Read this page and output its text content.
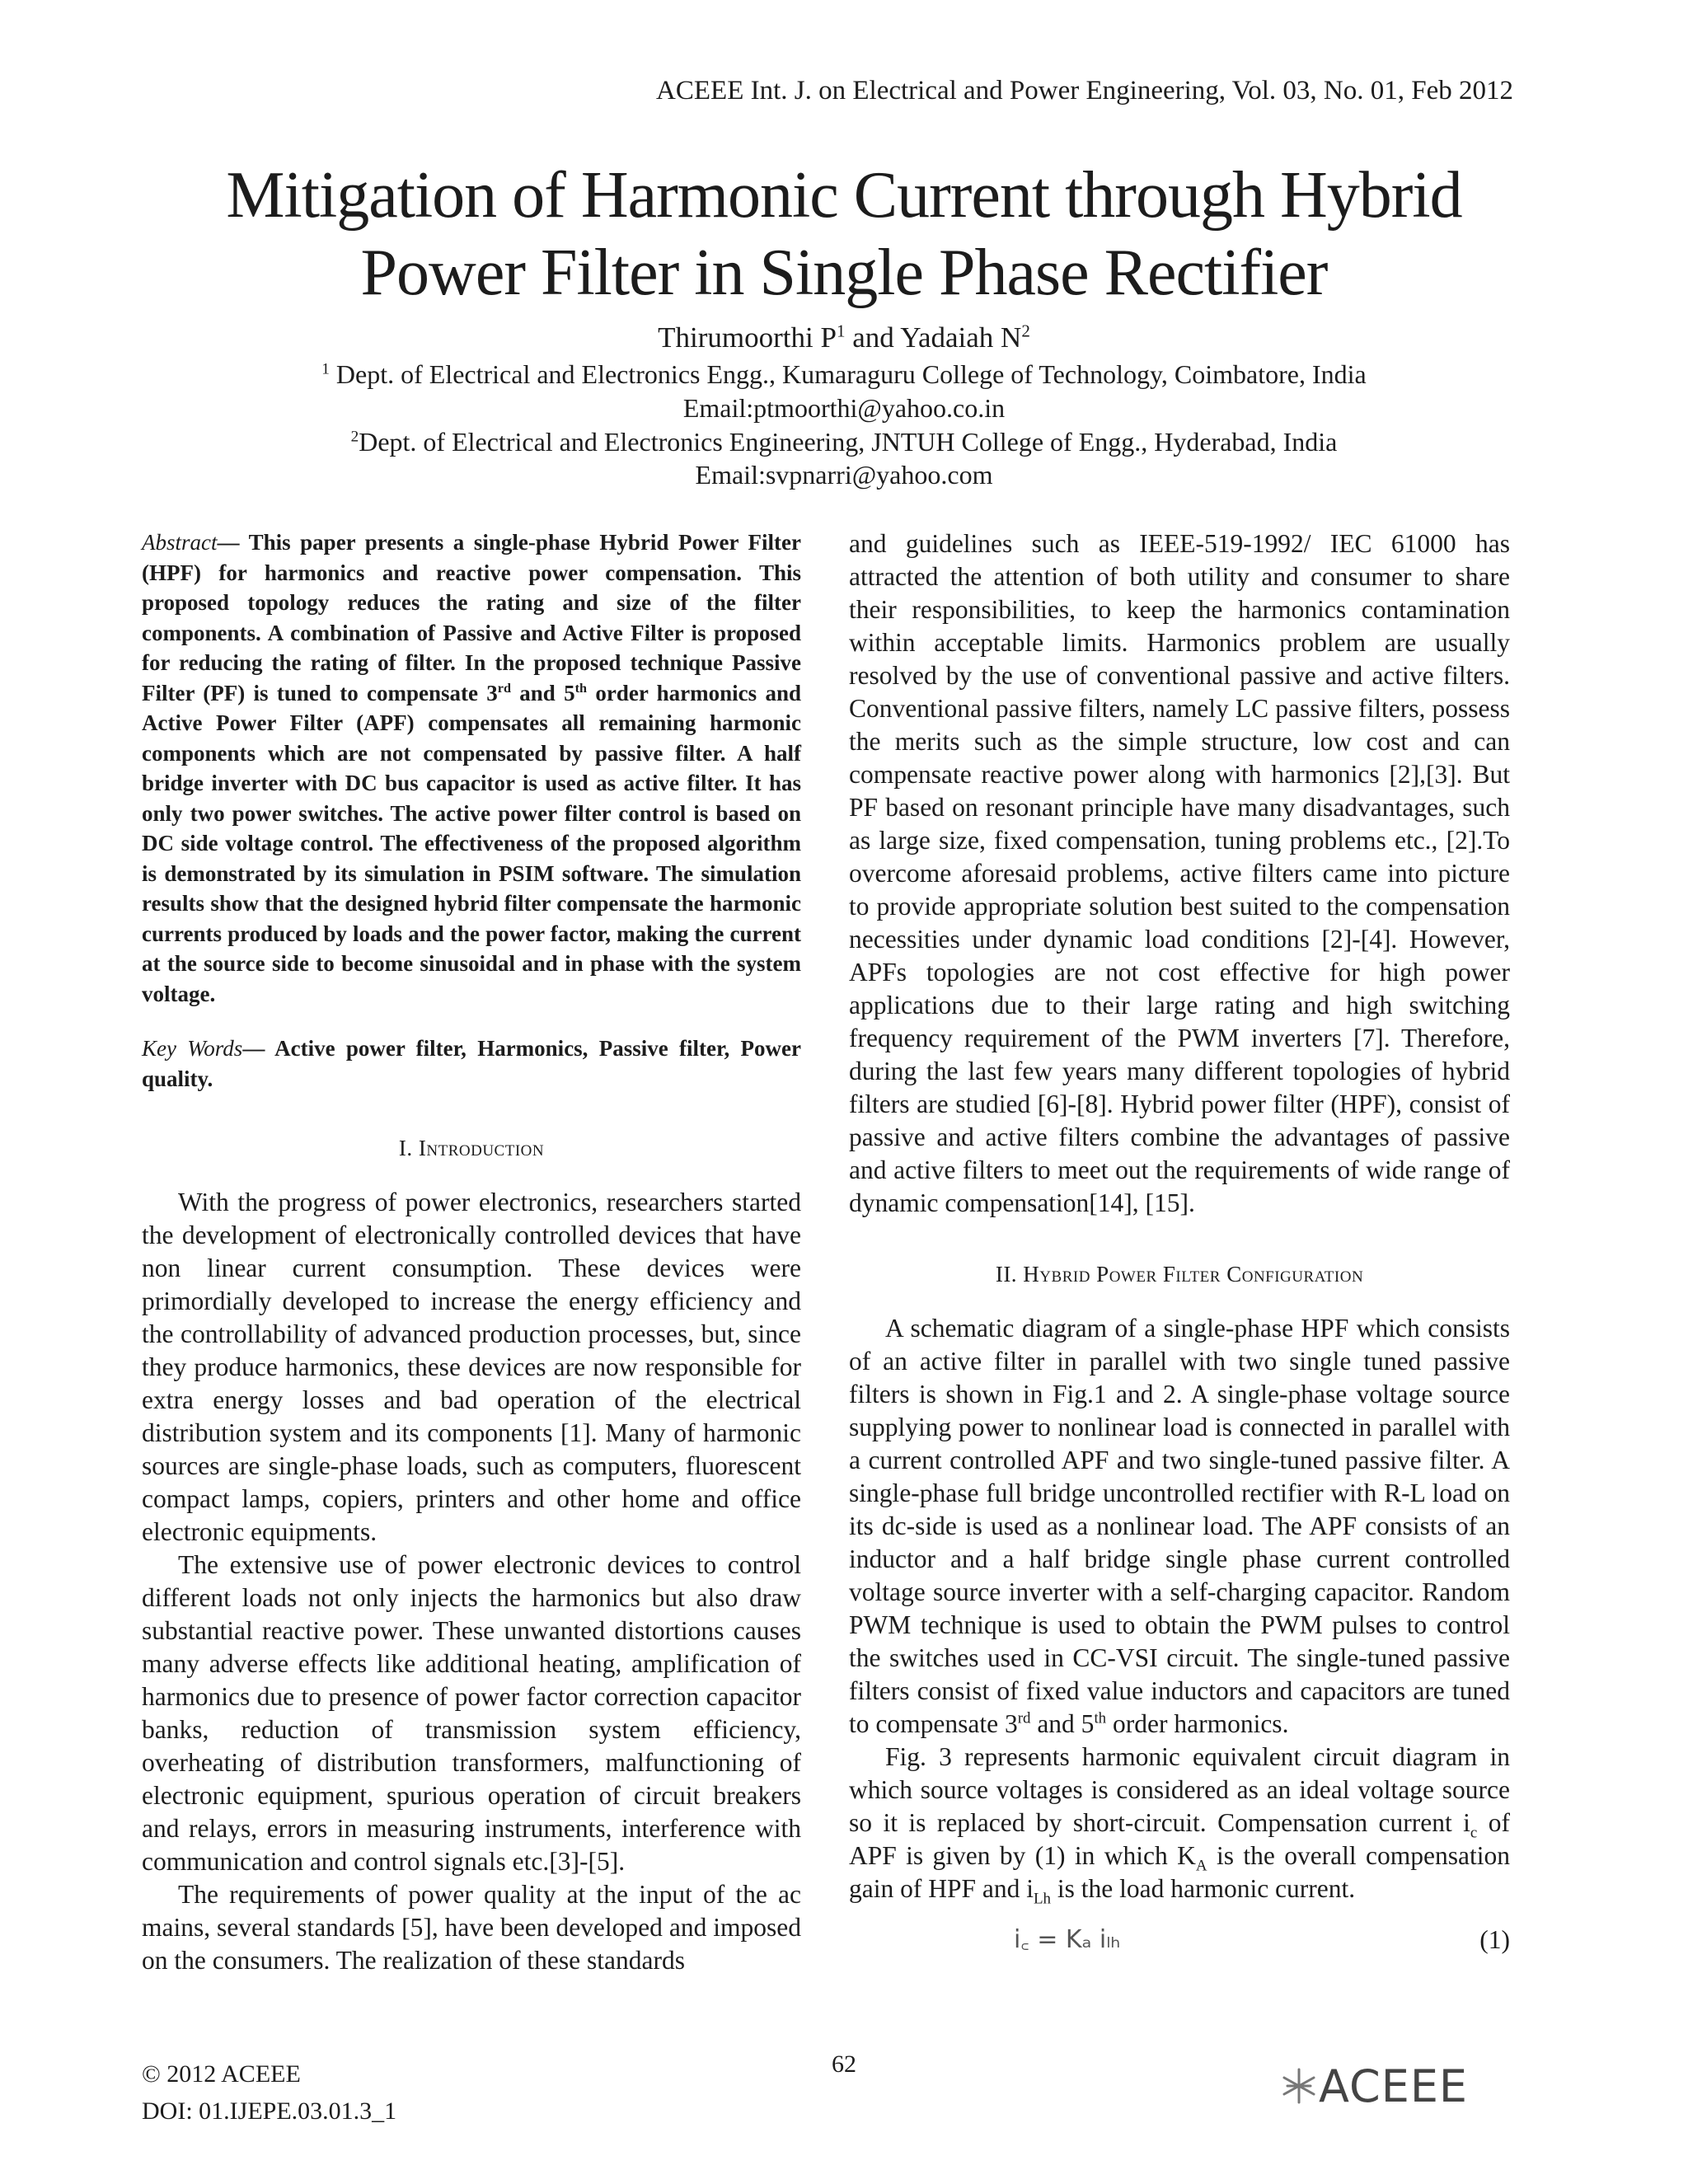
ACEEE Int. J. on Electrical and Power Engineering, Vol. 03, No. 01, Feb 2012
Mitigation of Harmonic Current through Hybrid
Power Filter in Single Phase Rectifier
Thirumoorthi $P^1$ and Yadaiah $N^2$
$^1$ Dept. of Electrical and Electronics Engg., Kumaraguru College of Technology, Coimbatore, India
Email:ptmoorthi@yahoo.co.in
$^2$Dept. of Electrical and Electronics Engineering, JNTUH College of Engg., Hyderabad, India
Email:svpnarri@yahoo.com

Abstract— This paper presents a single-phase Hybrid Power Filter (HPF) for harmonics and reactive power compensation. This proposed topology reduces the rating and size of the filter components. A combination of Passive and Active Filter is proposed for reducing the rating of filter. In the proposed technique Passive Filter (PF) is tuned to compensate 3rd and 5th order harmonics and Active Power Filter (APF) compensates all remaining harmonic components which are not compensated by passive filter. A half bridge inverter with DC bus capacitor is used as active filter. It has only two power switches. The active power filter control is based on DC side voltage control. The effectiveness of the proposed algorithm is demonstrated by its simulation in PSIM software. The simulation results show that the designed hybrid filter compensate the harmonic currents produced by loads and the power factor, making the current at the source side to become sinusoidal and in phase with the system voltage.

Key Words— Active power filter, Harmonics, Passive filter, Power quality.

I. Introduction

With the progress of power electronics, researchers started the development of electronically controlled devices that have non linear current consumption. These devices were primordially developed to increase the energy efficiency and the controllability of advanced production processes, but, since they produce harmonics, these devices are now responsible for extra energy losses and bad operation of the electrical distribution system and its components [1]. Many of harmonic sources are single-phase loads, such as computers, fluorescent compact lamps, copiers, printers and other home and office electronic equipments.

The extensive use of power electronic devices to control different loads not only injects the harmonics but also draw substantial reactive power. These unwanted distortions causes many adverse effects like additional heating, amplification of harmonics due to presence of power factor correction capacitor banks, reduction of transmission system efficiency, overheating of distribution transformers, malfunctioning of electronic equipment, spurious operation of circuit breakers and relays, errors in measuring instruments, interference with communication and control signals etc.[3]-[5].

The requirements of power quality at the input of the ac mains, several standards [5], have been developed and imposed on the consumers. The realization of these standards

and guidelines such as IEEE-519-1992/ IEC 61000 has attracted the attention of both utility and consumer to share their responsibilities, to keep the harmonics contamination within acceptable limits. Harmonics problem are usually resolved by the use of conventional passive and active filters. Conventional passive filters, namely LC passive filters, possess the merits such as the simple structure, low cost and can compensate reactive power along with harmonics [2],[3]. But PF based on resonant principle have many disadvantages, such as large size, fixed compensation, tuning problems etc., [2].To overcome aforesaid problems, active filters came into picture to provide appropriate solution best suited to the compensation necessities under dynamic load conditions [2]-[4]. However, APFs topologies are not cost effective for high power applications due to their large rating and high switching frequency requirement of the PWM inverters [7]. Therefore, during the last few years many different topologies of hybrid filters are studied [6]-[8]. Hybrid power filter (HPF), consist of passive and active filters combine the advantages of passive and active filters to meet out the requirements of wide range of dynamic compensation[14], [15].

II. Hybrid Power Filter Configuration

A schematic diagram of a single-phase HPF which consists of an active filter in parallel with two single tuned passive filters is shown in Fig.1 and 2. A single-phase voltage source supplying power to nonlinear load is connected in parallel with a current controlled APF and two single-tuned passive filter. A single-phase full bridge uncontrolled rectifier with R-L load on its dc-side is used as a nonlinear load. The APF consists of an inductor and a half bridge single phase current controlled voltage source inverter with a self-charging capacitor. Random PWM technique is used to obtain the PWM pulses to control the switches used in CC-VSI circuit. The single-tuned passive filters consist of fixed value inductors and capacitors are tuned to compensate 3rd and 5th order harmonics.

Fig. 3 represents harmonic equivalent circuit diagram in which source voltages is considered as an ideal voltage source so it is replaced by short-circuit. Compensation current $i_c$ of APF is given by (1) in which $K_A$ is the overall compensation gain of HPF and $i_{Lh}$ is the load harmonic current.

i꜀ = Kₐ iₗₕ	(1)

62
© 2012 ACEEE
DOI: 01.IJEPE.03.01.3_1	ACEEE
